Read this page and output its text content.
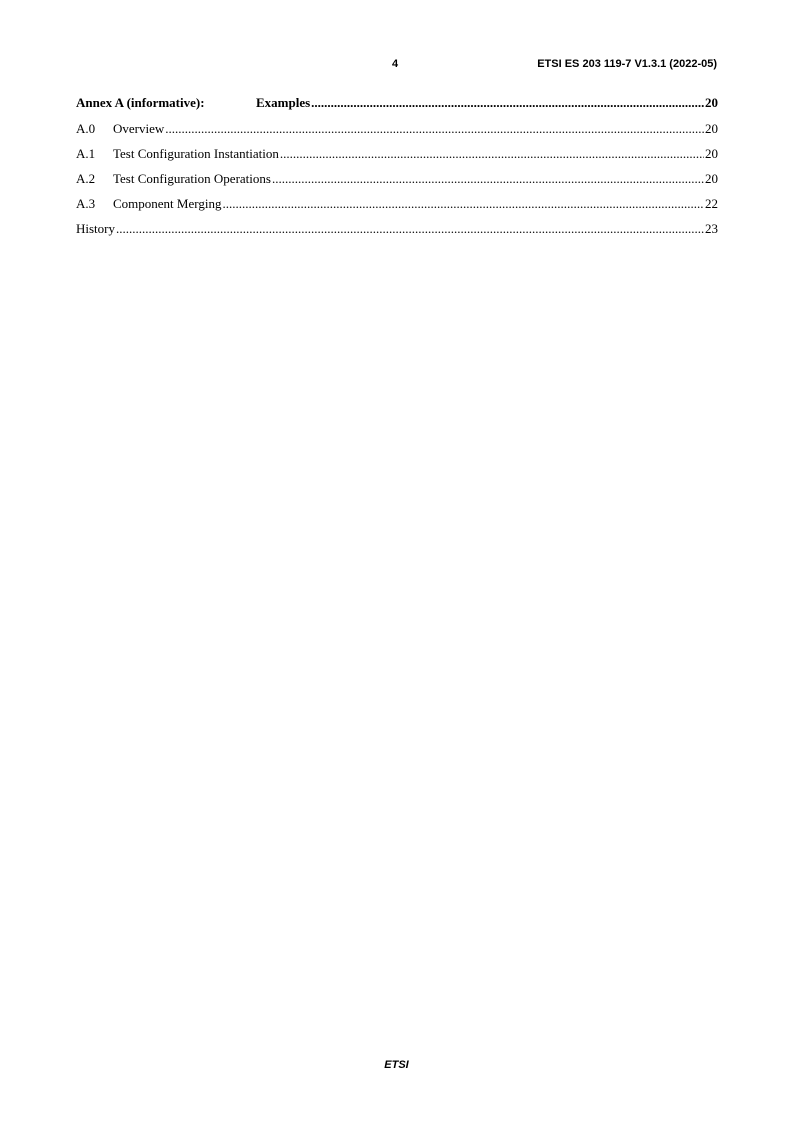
4	ETSI ES 203 119-7 V1.3.1 (2022-05)
Annex A (informative):	Examples .....	20
A.0	Overview .....	20
A.1	Test Configuration Instantiation .....	20
A.2	Test Configuration Operations .....	20
A.3	Component Merging .....	22
History .....	23
ETSI
